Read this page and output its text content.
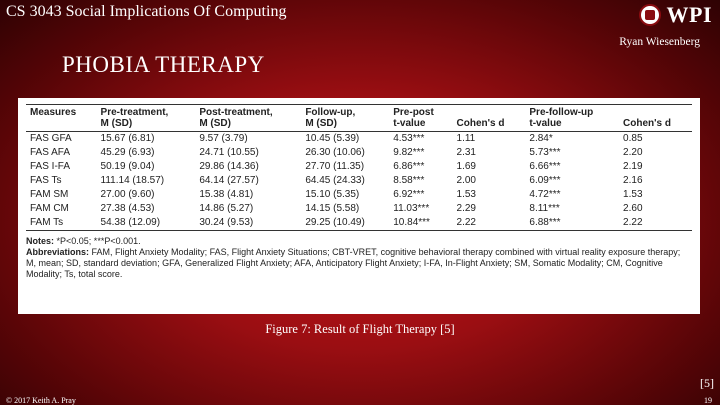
CS 3043 Social Implications Of Computing	WPI
Ryan Wiesenberg
PHOBIA THERAPY
Measures	Pre-treatment,	Post-treatment,	Follow-up,	Pre-post		Pre-follow-up	
	M (SD)	M (SD)	M (SD)	t-value	Cohen's d	t-value	Cohen's d
FAS GFA	15.67 (6.81)	9.57 (3.79)	10.45 (5.39)	4.53***	1.11	2.84*	0.85
FAS AFA	45.29 (6.93)	24.71 (10.55)	26.30 (10.06)	9.82***	2.31	5.73***	2.20
FAS I-FA	50.19 (9.04)	29.86 (14.36)	27.70 (11.35)	6.86***	1.69	6.66***	2.19
FAS Ts	111.14 (18.57)	64.14 (27.57)	64.45 (24.33)	8.58***	2.00	6.09***	2.16
FAM SM	27.00 (9.60)	15.38 (4.81)	15.10 (5.35)	6.92***	1.53	4.72***	1.53
FAM CM	27.38 (4.53)	14.86 (5.27)	14.15 (5.58)	11.03***	2.29	8.11***	2.60
FAM Ts	54.38 (12.09)	30.24 (9.53)	29.25 (10.49)	10.84***	2.22	6.88***	2.22
Notes: *P<0.05; ***P<0.001.
Abbreviations: FAM, Flight Anxiety Modality; FAS, Flight Anxiety Situations; CBT-VRET, cognitive behavioral therapy combined with virtual reality exposure therapy; M, mean; SD, standard deviation; GFA, Generalized Flight Anxiety; AFA, Anticipatory Flight Anxiety; I-FA, In-Flight Anxiety; SM, Somatic Modality; CM, Cognitive Modality; Ts, total score.
Figure 7: Result of Flight Therapy [5]
[5]
© 2017 Keith A. Pray	19
